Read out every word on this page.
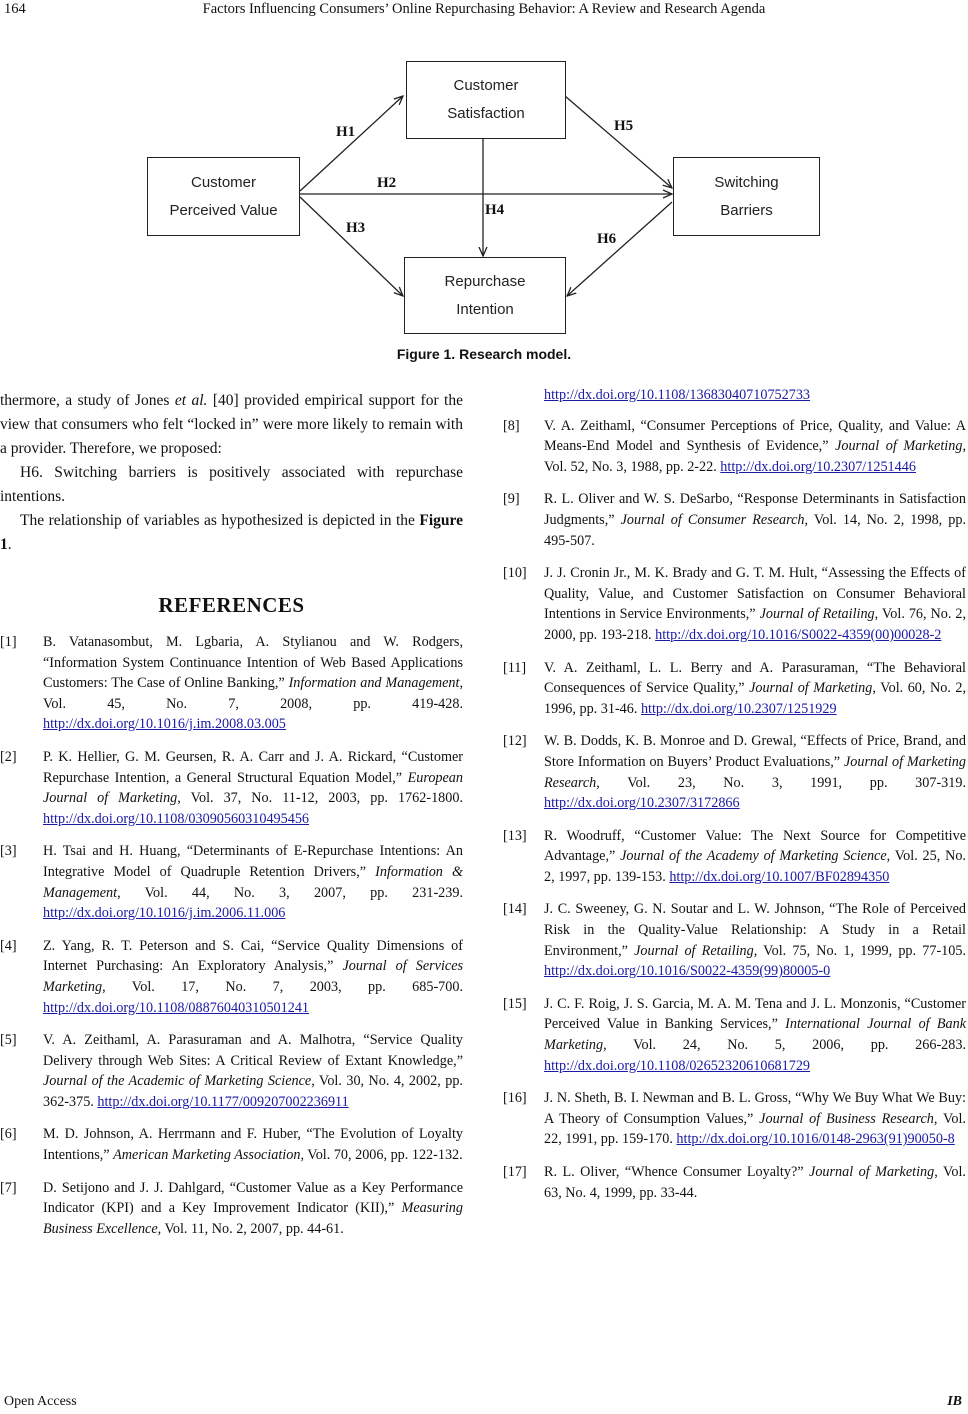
164	Factors Influencing Consumers’ Online Repurchasing Behavior: A Review and Research Agenda
Customer
Satisfaction
Customer
Perceived Value
Switching
Barriers
Repurchase
Intention
H1
H2
H3
H4
H5
H6
Figure 1. Research model.

thermore, a study of Jones et al. [40] provided empirical support for the view that consumers who felt “locked in” were more likely to remain with a provider. Therefore, we proposed:

H6. Switching barriers is positively associated with repurchase intentions.

The relationship of variables as hypothesized is depicted in the Figure 1.

REFERENCES
[1] B. Vatanasombut, M. Lgbaria, A. Stylianou and W. Rodgers, “Information System Continuance Intention of Web Based Applications Customers: The Case of Online Banking,” Information and Management, Vol. 45, No. 7, 2008, pp. 419-428. http://dx.doi.org/10.1016/j.im.2008.03.005
[2] P. K. Hellier, G. M. Geursen, R. A. Carr and J. A. Rickard, “Customer Repurchase Intention, a General Structural Equation Model,” European Journal of Marketing, Vol. 37, No. 11-12, 2003, pp. 1762-1800. http://dx.doi.org/10.1108/03090560310495456
[3] H. Tsai and H. Huang, “Determinants of E-Repurchase Intentions: An Integrative Model of Quadruple Retention Drivers,” Information & Management, Vol. 44, No. 3, 2007, pp. 231-239. http://dx.doi.org/10.1016/j.im.2006.11.006
[4] Z. Yang, R. T. Peterson and S. Cai, “Service Quality Dimensions of Internet Purchasing: An Exploratory Analysis,” Journal of Services Marketing, Vol. 17, No. 7, 2003, pp. 685-700. http://dx.doi.org/10.1108/08876040310501241
[5] V. A. Zeithaml, A. Parasuraman and A. Malhotra, “Service Quality Delivery through Web Sites: A Critical Review of Extant Knowledge,” Journal of the Academic of Marketing Science, Vol. 30, No. 4, 2002, pp. 362-375. http://dx.doi.org/10.1177/009207002236911
[6] M. D. Johnson, A. Herrmann and F. Huber, “The Evolution of Loyalty Intentions,” American Marketing Association, Vol. 70, 2006, pp. 122-132.
[7] D. Setijono and J. J. Dahlgard, “Customer Value as a Key Performance Indicator (KPI) and a Key Improvement Indicator (KII),” Measuring Business Excellence, Vol. 11, No. 2, 2007, pp. 44-61.
http://dx.doi.org/10.1108/13683040710752733
[8] V. A. Zeithaml, “Consumer Perceptions of Price, Quality, and Value: A Means-End Model and Synthesis of Evidence,” Journal of Marketing, Vol. 52, No. 3, 1988, pp. 2-22. http://dx.doi.org/10.2307/1251446
[9] R. L. Oliver and W. S. DeSarbo, “Response Determinants in Satisfaction Judgments,” Journal of Consumer Research, Vol. 14, No. 2, 1998, pp. 495-507.
[10] J. J. Cronin Jr., M. K. Brady and G. T. M. Hult, “Assessing the Effects of Quality, Value, and Customer Satisfaction on Consumer Behavioral Intentions in Service Environments,” Journal of Retailing, Vol. 76, No. 2, 2000, pp. 193-218. http://dx.doi.org/10.1016/S0022-4359(00)00028-2
[11] V. A. Zeithaml, L. L. Berry and A. Parasuraman, “The Behavioral Consequences of Service Quality,” Journal of Marketing, Vol. 60, No. 2, 1996, pp. 31-46. http://dx.doi.org/10.2307/1251929
[12] W. B. Dodds, K. B. Monroe and D. Grewal, “Effects of Price, Brand, and Store Information on Buyers’ Product Evaluations,” Journal of Marketing Research, Vol. 23, No. 3, 1991, pp. 307-319. http://dx.doi.org/10.2307/3172866
[13] R. Woodruff, “Customer Value: The Next Source for Competitive Advantage,” Journal of the Academy of Marketing Science, Vol. 25, No. 2, 1997, pp. 139-153. http://dx.doi.org/10.1007/BF02894350
[14] J. C. Sweeney, G. N. Soutar and L. W. Johnson, “The Role of Perceived Risk in the Quality-Value Relationship: A Study in a Retail Environment,” Journal of Retailing, Vol. 75, No. 1, 1999, pp. 77-105. http://dx.doi.org/10.1016/S0022-4359(99)80005-0
[15] J. C. F. Roig, J. S. Garcia, M. A. M. Tena and J. L. Monzonis, “Customer Perceived Value in Banking Services,” International Journal of Bank Marketing, Vol. 24, No. 5, 2006, pp. 266-283. http://dx.doi.org/10.1108/02652320610681729
[16] J. N. Sheth, B. I. Newman and B. L. Gross, “Why We Buy What We Buy: A Theory of Consumption Values,” Journal of Business Research, Vol. 22, 1991, pp. 159-170. http://dx.doi.org/10.1016/0148-2963(91)90050-8
[17] R. L. Oliver, “Whence Consumer Loyalty?” Journal of Marketing, Vol. 63, No. 4, 1999, pp. 33-44.
Open Access	IB
